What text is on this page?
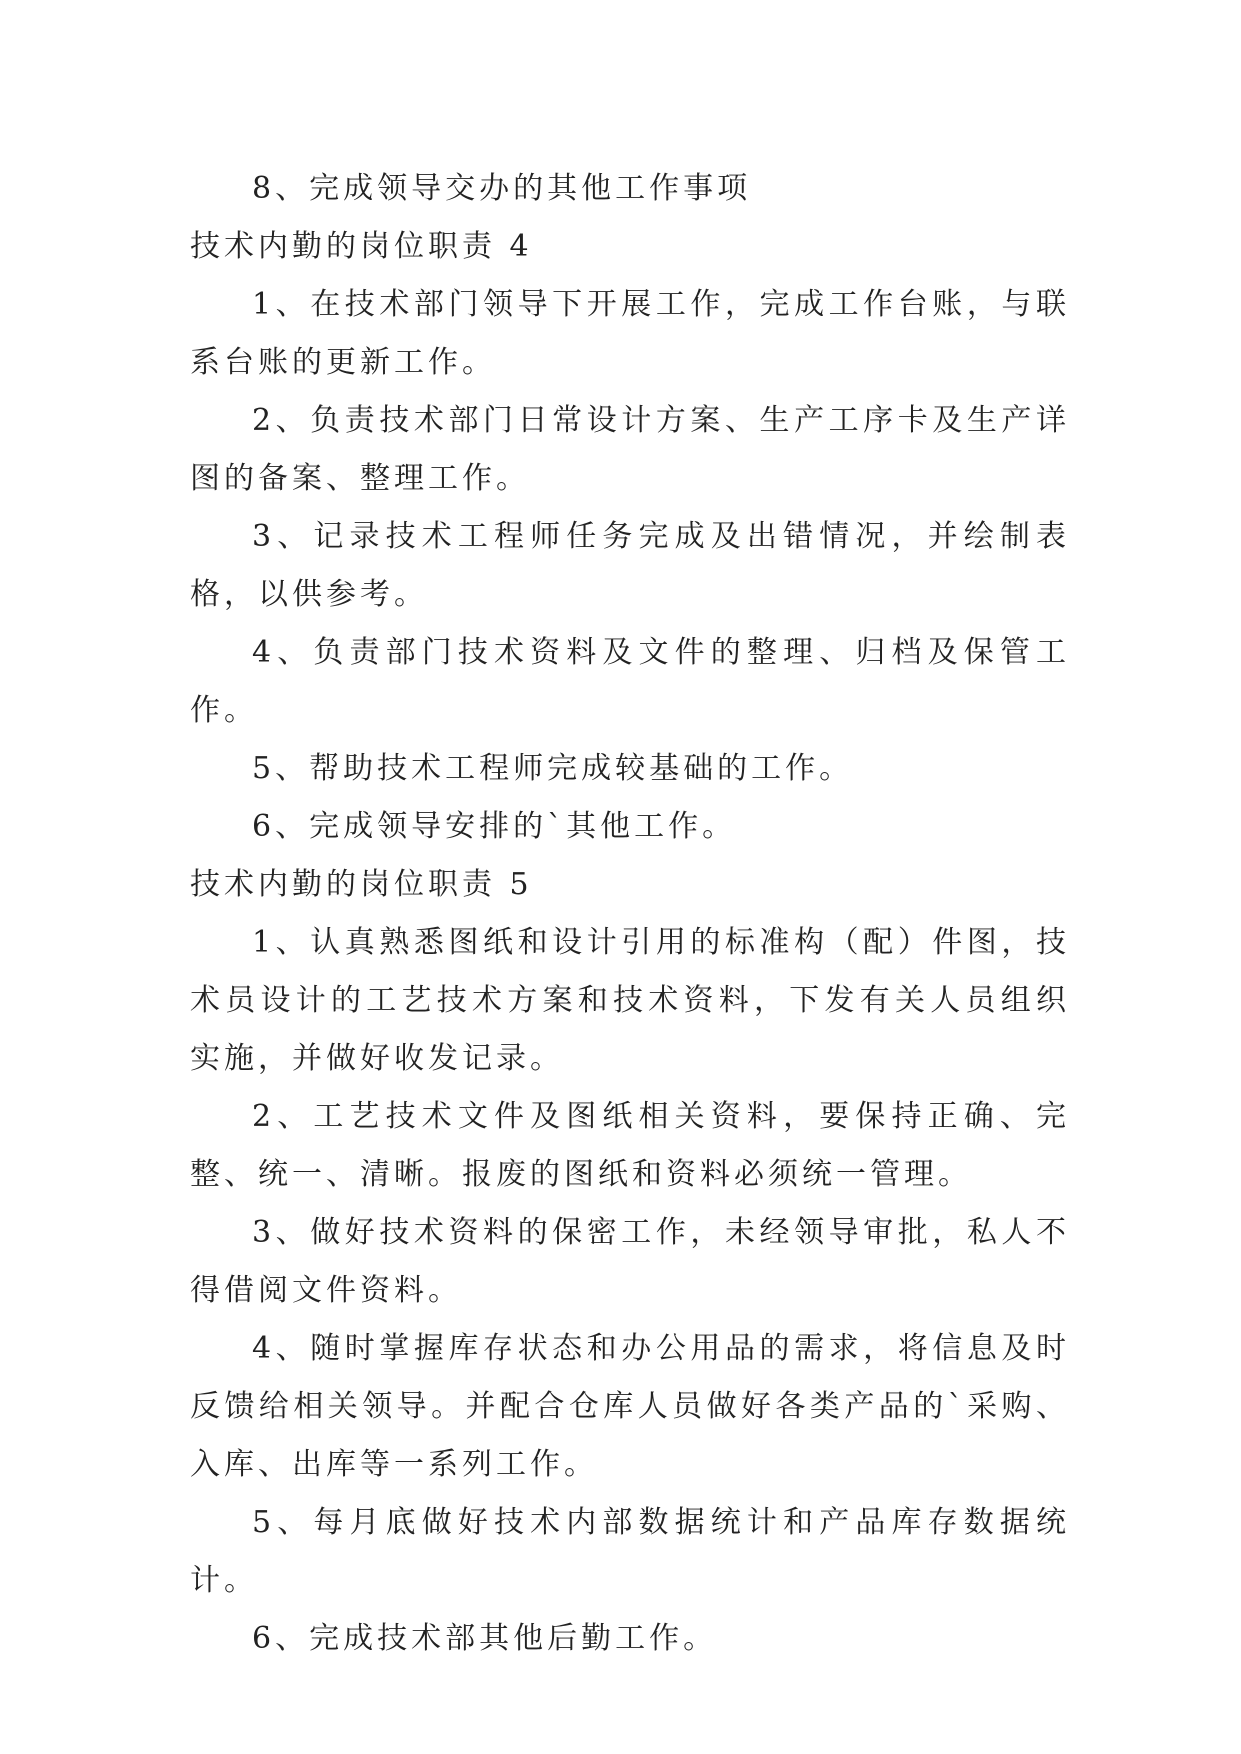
8、完成领导交办的其他工作事项

技术内勤的岗位职责 4

1、在技术部门领导下开展工作，完成工作台账，与联系台账的更新工作。

2、负责技术部门日常设计方案、生产工序卡及生产详图的备案、整理工作。

3、记录技术工程师任务完成及出错情况，并绘制表格，以供参考。

4、负责部门技术资料及文件的整理、归档及保管工作。

5、帮助技术工程师完成较基础的工作。

6、完成领导安排的`其他工作。

技术内勤的岗位职责 5

1、认真熟悉图纸和设计引用的标准构（配）件图，技术员设计的工艺技术方案和技术资料，下发有关人员组织实施，并做好收发记录。

2、工艺技术文件及图纸相关资料，要保持正确、完整、统一、清晰。报废的图纸和资料必须统一管理。

3、做好技术资料的保密工作，未经领导审批，私人不得借阅文件资料。

4、随时掌握库存状态和办公用品的需求，将信息及时反馈给相关领导。并配合仓库人员做好各类产品的`采购、入库、出库等一系列工作。

5、每月底做好技术内部数据统计和产品库存数据统计。

6、完成技术部其他后勤工作。
